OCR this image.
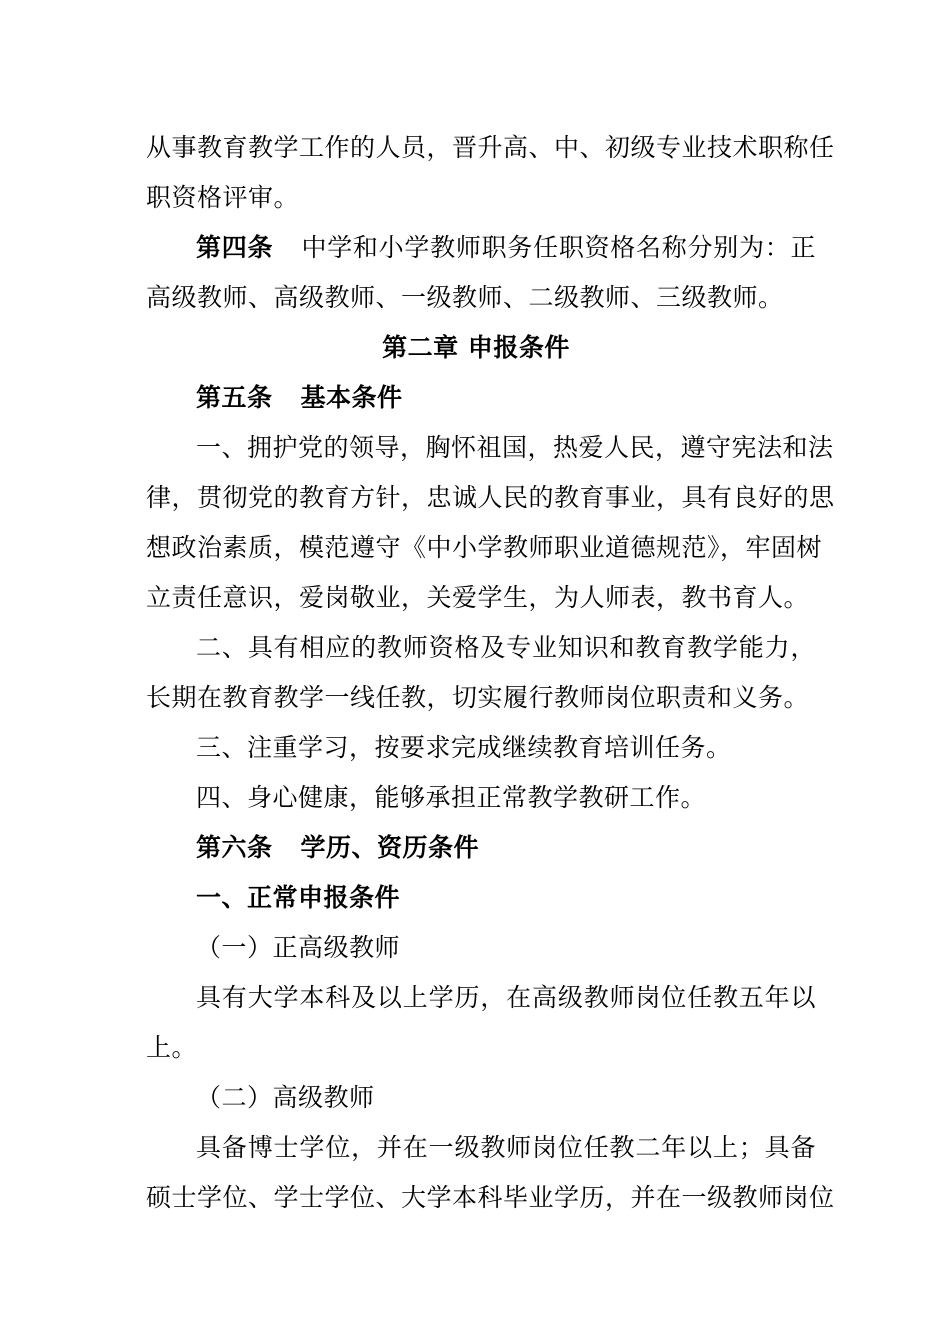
从事教育教学工作的人员，晋升高、中、初级专业技术职称任
职资格评审。
第四条 中学和小学教师职务任职资格名称分别为：正
高级教师、高级教师、一级教师、二级教师、三级教师。
第二章 申报条件
第五条 基本条件
一、拥护党的领导，胸怀祖国，热爱人民，遵守宪法和法
律，贯彻党的教育方针，忠诚人民的教育事业，具有良好的思
想政治素质，模范遵守《中小学教师职业道德规范》，牢固树
立责任意识，爱岗敬业，关爱学生，为人师表，教书育人。
二、具有相应的教师资格及专业知识和教育教学能力，
长期在教育教学一线任教，切实履行教师岗位职责和义务。
三、注重学习，按要求完成继续教育培训任务。
四、身心健康，能够承担正常教学教研工作。
第六条 学历、资历条件
一、正常申报条件
（一）正高级教师
具有大学本科及以上学历，在高级教师岗位任教五年以
上。
（二）高级教师
具备博士学位，并在一级教师岗位任教二年以上；具备
硕士学位、学士学位、大学本科毕业学历，并在一级教师岗位
